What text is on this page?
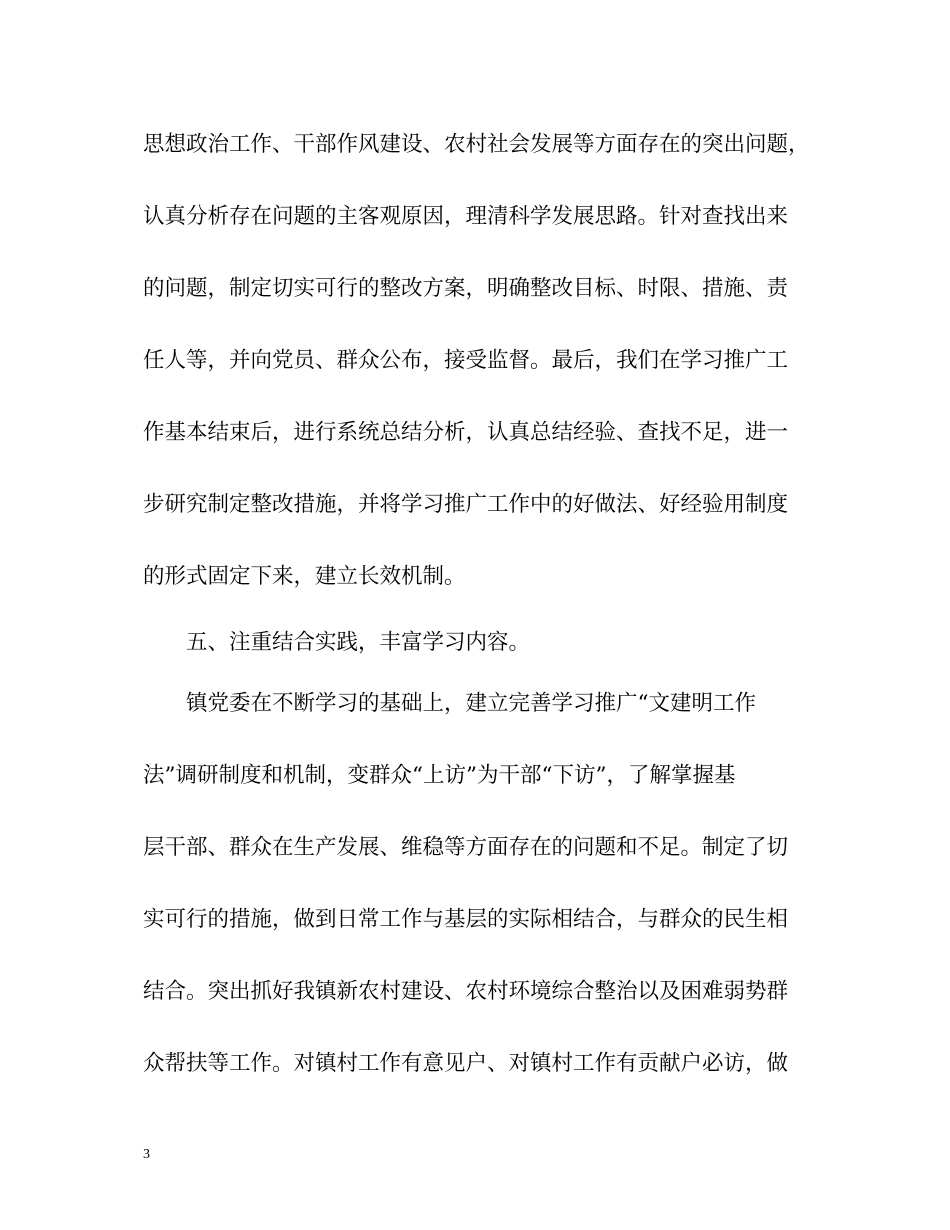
思想政治工作、干部作风建设、农村社会发展等方面存在的突出问题，
认真分析存在问题的主客观原因，理清科学发展思路。针对查找出来
的问题，制定切实可行的整改方案，明确整改目标、时限、措施、责
任人等，并向党员、群众公布，接受监督。最后，我们在学习推广工
作基本结束后，进行系统总结分析，认真总结经验、查找不足，进一
步研究制定整改措施，并将学习推广工作中的好做法、好经验用制度
的形式固定下来，建立长效机制。
五、注重结合实践，丰富学习内容。
镇党委在不断学习的基础上，建立完善学习推广“文建明工作
法”调研制度和机制，变群众“上访”为干部“下访”，了解掌握基
层干部、群众在生产发展、维稳等方面存在的问题和不足。制定了切
实可行的措施，做到日常工作与基层的实际相结合，与群众的民生相
结合。突出抓好我镇新农村建设、农村环境综合整治以及困难弱势群
众帮扶等工作。对镇村工作有意见户、对镇村工作有贡献户必访，做
3
